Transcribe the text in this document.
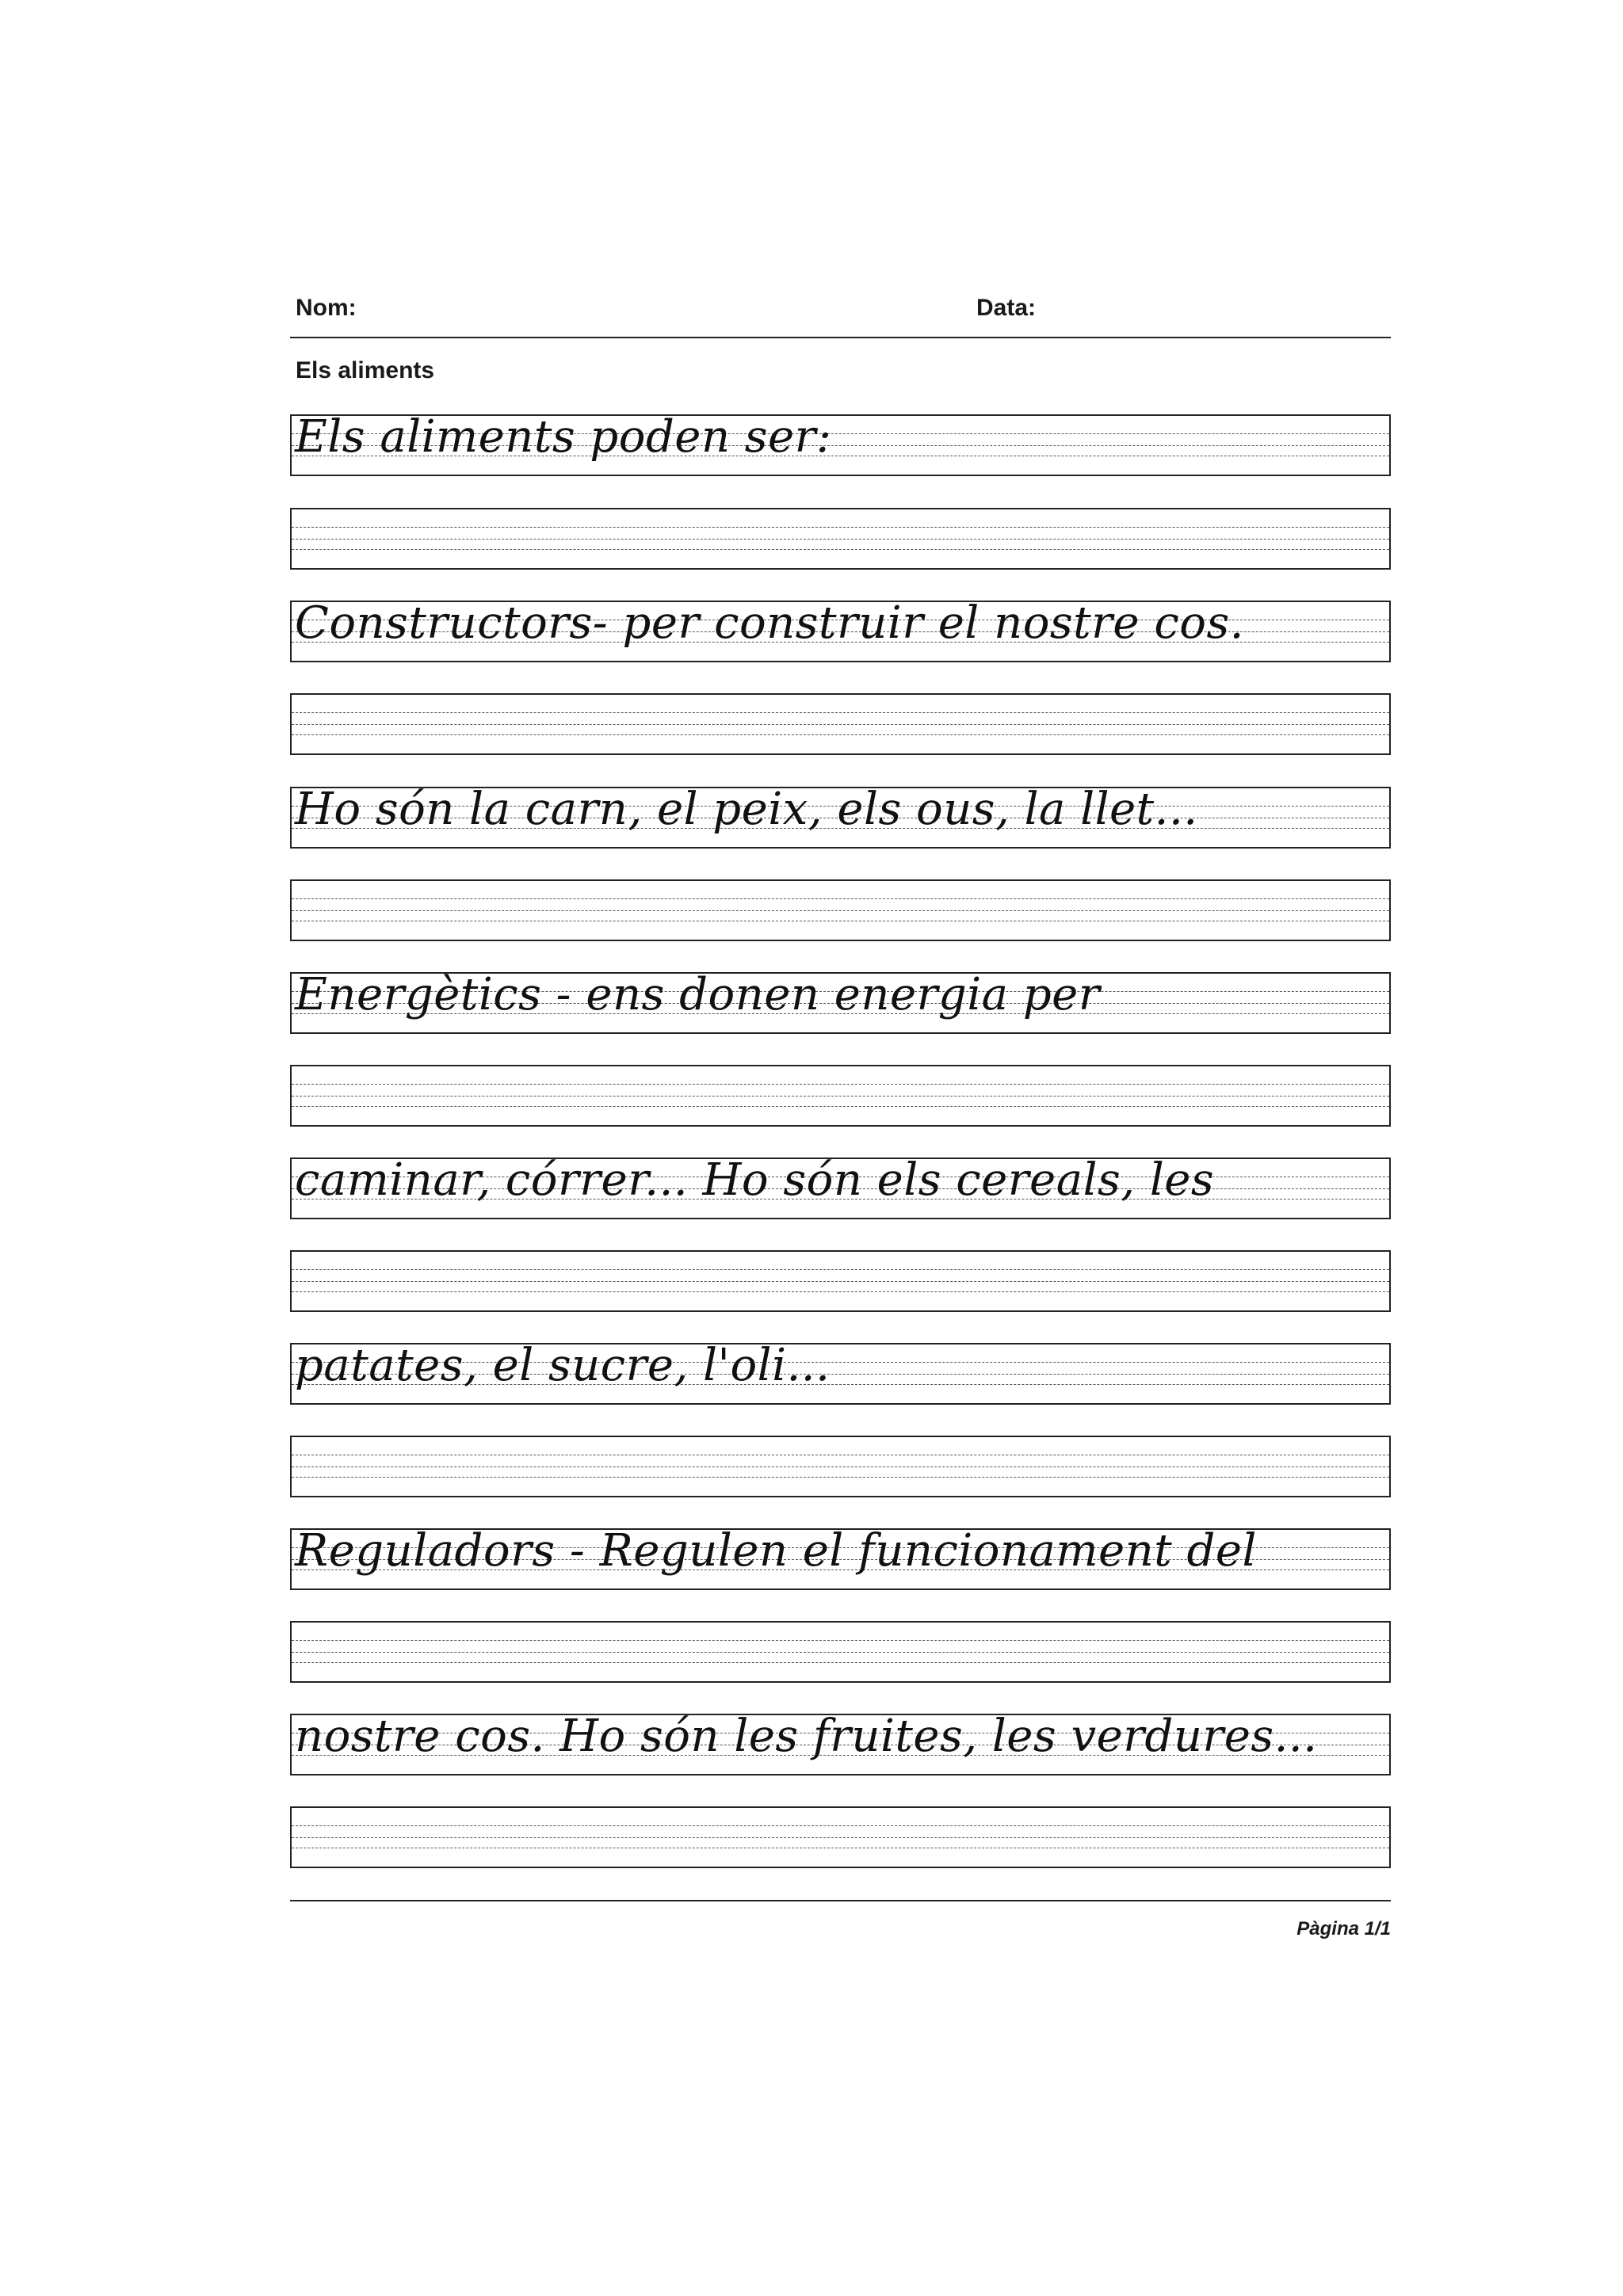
Nom:	Data:
Els aliments
Els aliments poden ser:
Constructors- per construir el nostre cos.
Ho són la carn, el peix, els ous, la llet...
Energètics - ens donen energia per
caminar, córrer... Ho són els cereals, les
patates, el sucre, l'oli...
Reguladors - Regulen el funcionament del
nostre cos. Ho són les fruites, les verdures...
Pàgina 1/1
